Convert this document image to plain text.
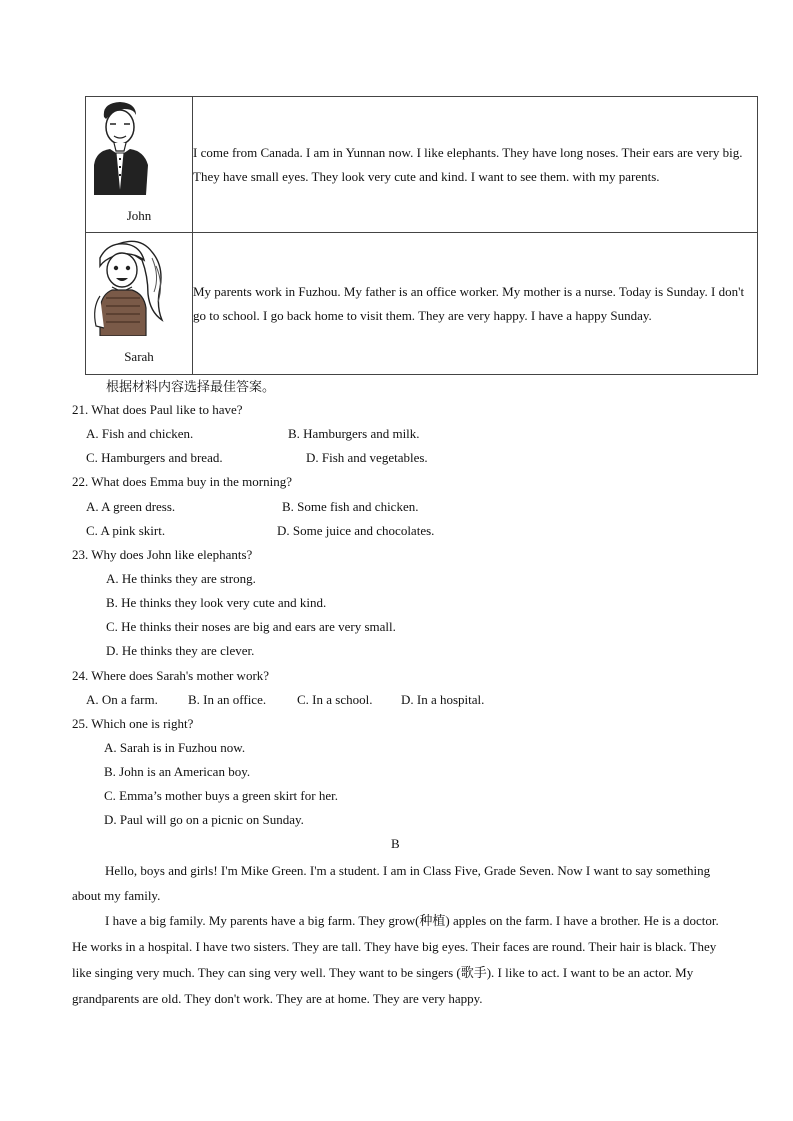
John	I come from Canada. I am in Yunnan now. I like elephants. They have long noses. Their ears are very big. They have small eyes. They look very cute and kind. I want to see them. with my parents.

Sarah	My parents work in Fuzhou. My father is an office worker. My mother is a nurse. Today is Sunday. I don't go to school. I go back home to visit them. They are very happy. I have a happy Sunday.
根据材料内容选择最佳答案。
21. What does Paul like to have?
A. Fish and chicken.	B. Hamburgers and milk.
C. Hamburgers and bread.	D. Fish and vegetables.
22. What does Emma buy in the morning?
A. A green dress.	B. Some fish and chicken.
C. A pink skirt.	D. Some juice and chocolates.
23. Why does John like elephants?
A. He thinks they are strong.
B. He thinks they look very cute and kind.
C. He thinks their noses are big and ears are very small.
D. He thinks they are clever.
24. Where does Sarah's mother work?
A. On a farm. B. In an office. C. In a school. D. In a hospital.
25. Which one is right?
A. Sarah is in Fuzhou now.
B. John is an American boy.
C. Emma’s mother buys a green skirt for her.
D. Paul will go on a picnic on Sunday.
B
Hello, boys and girls! I'm Mike Green. I'm a student. I am in Class Five, Grade Seven. Now I want to say something about my family.
I have a big family. My parents have a big farm. They grow(种植) apples on the farm. I have a brother. He is a doctor. He works in a hospital. I have two sisters. They are tall. They have big eyes. Their faces are round. Their hair is black. They like singing very much. They can sing very well. They want to be singers (歌手). I like to act. I want to be an actor. My grandparents are old. They don't work. They are at home. They are very happy.
